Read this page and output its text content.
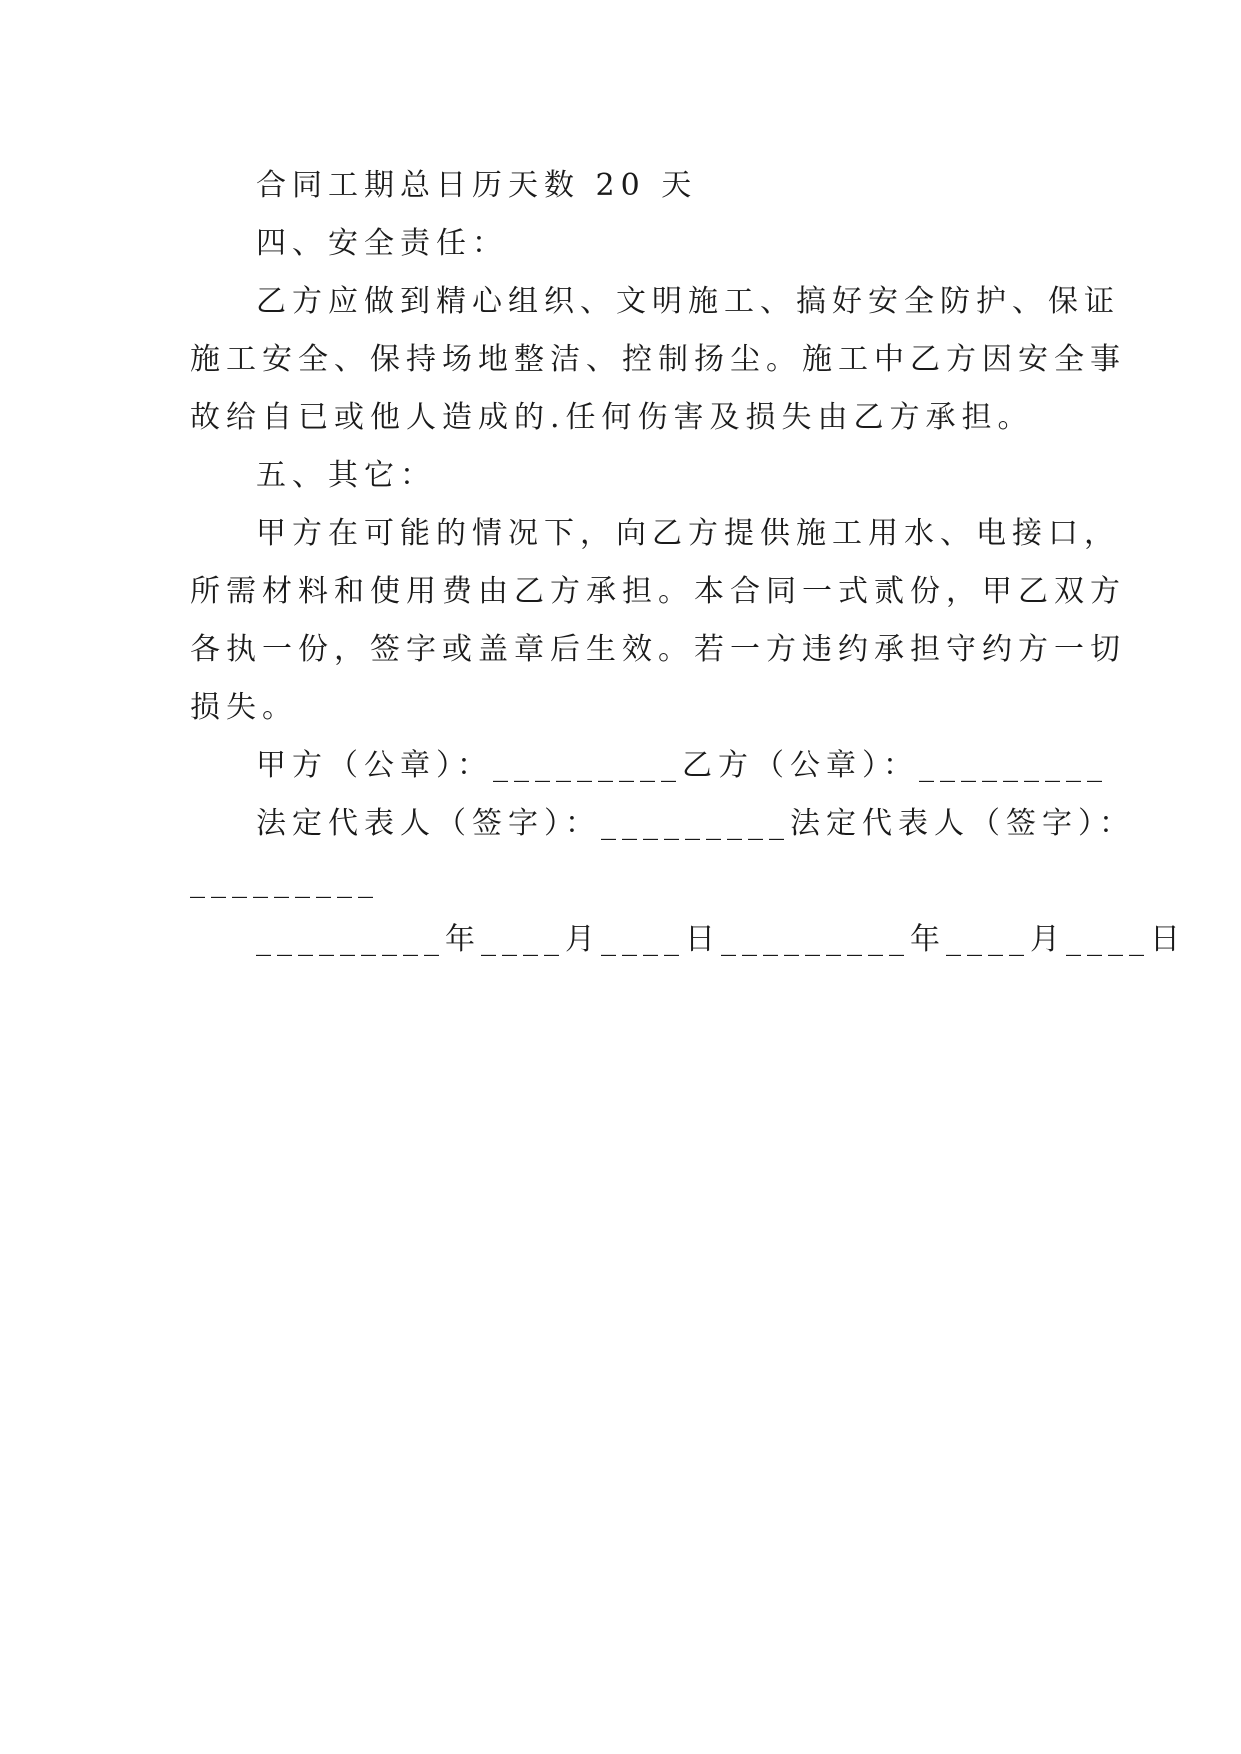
合同工期总日历天数 20 天
四、安全责任：
乙方应做到精心组织、文明施工、搞好安全防护、保证
施工安全、保持场地整洁、控制扬尘。施工中乙方因安全事
故给自已或他人造成的.任何伤害及损失由乙方承担。
五、其它：
甲方在可能的情况下，向乙方提供施工用水、电接口，
所需材料和使用费由乙方承担。本合同一式贰份，甲乙双方
各执一份，签字或盖章后生效。若一方违约承担守约方一切
损失。
甲方（公章）：_________乙方（公章）：_________
法定代表人（签字）：_________法定代表人（签字）：
_________
_________年____月____日_________年____月____日
